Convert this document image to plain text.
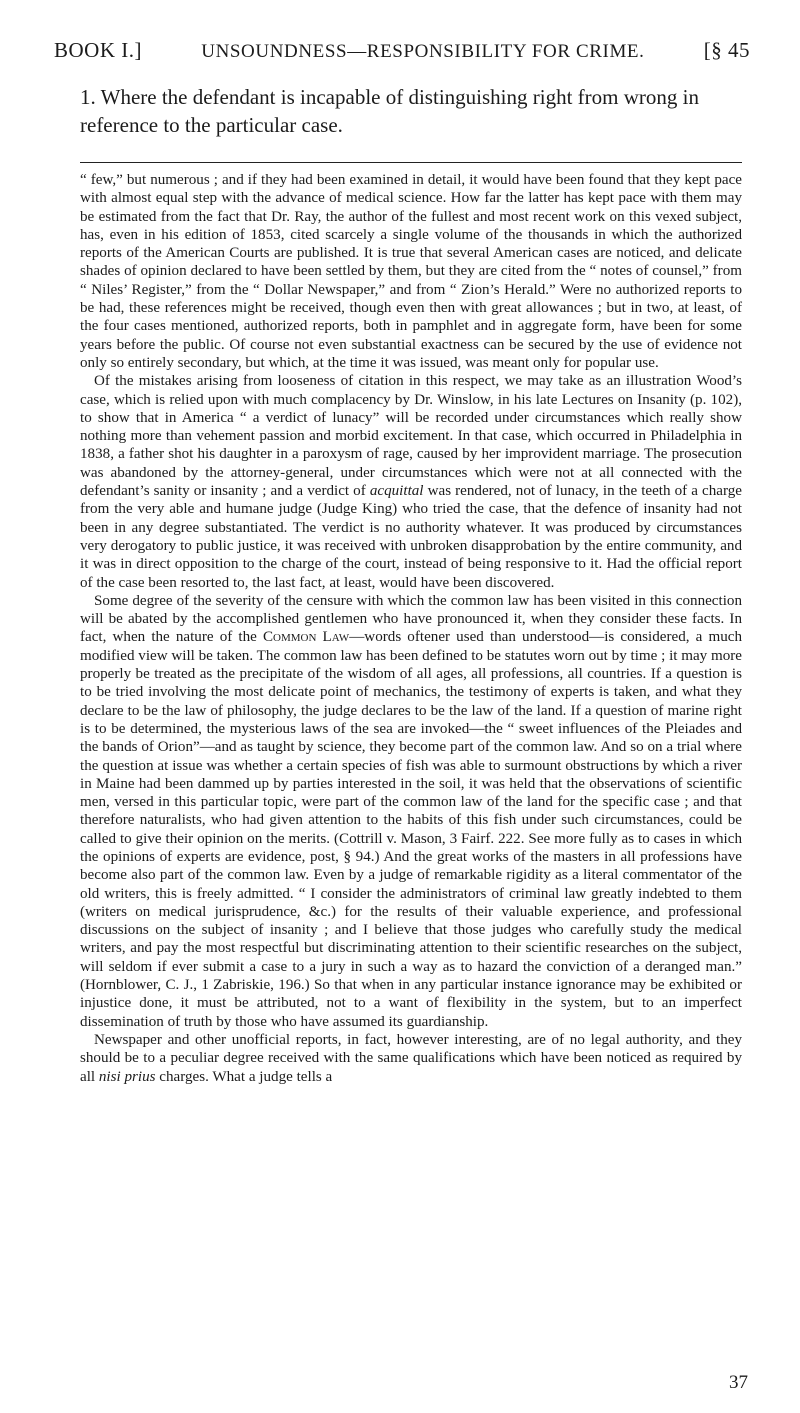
BOOK I.]	UNSOUNDNESS—RESPONSIBILITY FOR CRIME.	[§ 45
1. Where the defendant is incapable of distinguishing right from wrong in reference to the particular case.

“ few,” but numerous ; and if they had been examined in detail, it would have been found that they kept pace with almost equal step with the advance of medical science. How far the latter has kept pace with them may be estimated from the fact that Dr. Ray, the author of the fullest and most recent work on this vexed subject, has, even in his edition of 1853, cited scarcely a single volume of the thousands in which the authorized reports of the American Courts are published. It is true that several American cases are noticed, and delicate shades of opinion declared to have been settled by them, but they are cited from the “ notes of counsel,” from “ Niles’ Register,” from the “ Dollar Newspaper,” and from “ Zion’s Herald.” Were no authorized reports to be had, these references might be received, though even then with great allowances ; but in two, at least, of the four cases mentioned, authorized reports, both in pamphlet and in aggregate form, have been for some years before the public. Of course not even substantial exactness can be secured by the use of evidence not only so entirely secondary, but which, at the time it was issued, was meant only for popular use.

Of the mistakes arising from looseness of citation in this respect, we may take as an illustration Wood’s case, which is relied upon with much complacency by Dr. Winslow, in his late Lectures on Insanity (p. 102), to show that in America “ a verdict of lunacy” will be recorded under circumstances which really show nothing more than vehement passion and morbid excitement. In that case, which occurred in Philadelphia in 1838, a father shot his daughter in a paroxysm of rage, caused by her improvident marriage. The prosecution was abandoned by the attorney-general, under circumstances which were not at all connected with the defendant’s sanity or insanity ; and a verdict of acquittal was rendered, not of lunacy, in the teeth of a charge from the very able and humane judge (Judge King) who tried the case, that the defence of insanity had not been in any degree substantiated. The verdict is no authority whatever. It was produced by circumstances very derogatory to public justice, it was received with unbroken disapprobation by the entire community, and it was in direct opposition to the charge of the court, instead of being responsive to it. Had the official report of the case been resorted to, the last fact, at least, would have been discovered.

Some degree of the severity of the censure with which the common law has been visited in this connection will be abated by the accomplished gentlemen who have pronounced it, when they consider these facts. In fact, when the nature of the Common Law—words oftener used than understood—is considered, a much modified view will be taken. The common law has been defined to be statutes worn out by time ; it may more properly be treated as the precipitate of the wisdom of all ages, all professions, all countries. If a question is to be tried involving the most delicate point of mechanics, the testimony of experts is taken, and what they declare to be the law of philosophy, the judge declares to be the law of the land. If a question of marine right is to be determined, the mysterious laws of the sea are invoked—the “ sweet influences of the Pleiades and the bands of Orion”—and as taught by science, they become part of the common law. And so on a trial where the question at issue was whether a certain species of fish was able to surmount obstructions by which a river in Maine had been dammed up by parties interested in the soil, it was held that the observations of scientific men, versed in this particular topic, were part of the common law of the land for the specific case ; and that therefore naturalists, who had given attention to the habits of this fish under such circumstances, could be called to give their opinion on the merits. (Cottrill v. Mason, 3 Fairf. 222. See more fully as to cases in which the opinions of experts are evidence, post, § 94.) And the great works of the masters in all professions have become also part of the common law. Even by a judge of remarkable rigidity as a literal commentator of the old writers, this is freely admitted. “ I consider the administrators of criminal law greatly indebted to them (writers on medical jurisprudence, &c.) for the results of their valuable experience, and professional discussions on the subject of insanity ; and I believe that those judges who carefully study the medical writers, and pay the most respectful but discriminating attention to their scientific researches on the subject, will seldom if ever submit a case to a jury in such a way as to hazard the conviction of a deranged man.” (Hornblower, C. J., 1 Zabriskie, 196.) So that when in any particular instance ignorance may be exhibited or injustice done, it must be attributed, not to a want of flexibility in the system, but to an imperfect dissemination of truth by those who have assumed its guardianship.

Newspaper and other unofficial reports, in fact, however interesting, are of no legal authority, and they should be to a peculiar degree received with the same qualifications which have been noticed as required by all nisi prius charges. What a judge tells a

37
